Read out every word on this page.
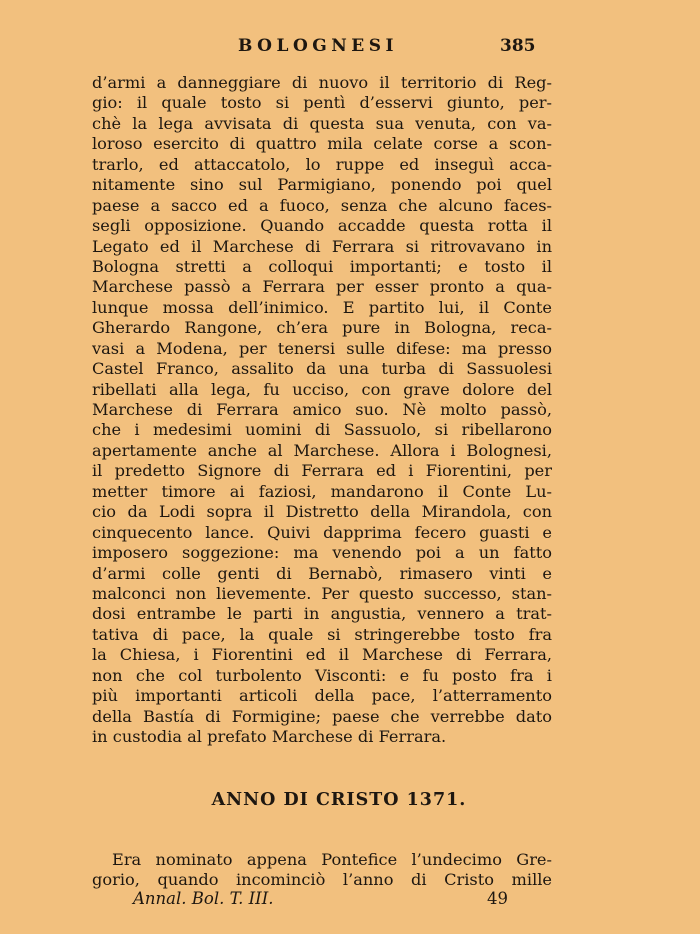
BOLOGNESI	385
d’armi a danneggiare di nuovo il territorio di Reg-
gio: il quale tosto si pentì d’esservi giunto, per-
chè la lega avvisata di questa sua venuta, con va-
loroso esercito di quattro mila celate corse a scon-
trarlo, ed attaccatolo, lo ruppe ed inseguì acca-
nitamente sino sul Parmigiano, ponendo poi quel
paese a sacco ed a fuoco, senza che alcuno faces-
segli opposizione. Quando accadde questa rotta il
Legato ed il Marchese di Ferrara si ritrovavano in
Bologna stretti a colloqui importanti; e tosto il
Marchese passò a Ferrara per esser pronto a qua-
lunque mossa dell’inimico. E partito lui, il Conte
Gherardo Rangone, ch’era pure in Bologna, reca-
vasi a Modena, per tenersi sulle difese: ma presso
Castel Franco, assalito da una turba di Sassuolesi
ribellati alla lega, fu ucciso, con grave dolore del
Marchese di Ferrara amico suo. Nè molto passò,
che i medesimi uomini di Sassuolo, si ribellarono
apertamente anche al Marchese. Allora i Bolognesi,
il predetto Signore di Ferrara ed i Fiorentini, per
metter timore ai faziosi, mandarono il Conte Lu-
cio da Lodi sopra il Distretto della Mirandola, con
cinquecento lance. Quivi dapprima fecero guasti e
imposero soggezione: ma venendo poi a un fatto
d’armi colle genti di Bernabò, rimasero vinti e
malconci non lievemente. Per questo successo, stan-
dosi entrambe le parti in angustia, vennero a trat-
tativa di pace, la quale si stringerebbe tosto fra
la Chiesa, i Fiorentini ed il Marchese di Ferrara,
non che col turbolento Visconti: e fu posto fra i
più importanti articoli della pace, l’atterramento
della Bastía di Formigine; paese che verrebbe dato
in custodia al prefato Marchese di Ferrara.
ANNO DI CRISTO 1371.
Era nominato appena Pontefice l’undecimo Gre-
gorio, quando incominciò l’anno di Cristo mille
Annal. Bol. T. III.	49
